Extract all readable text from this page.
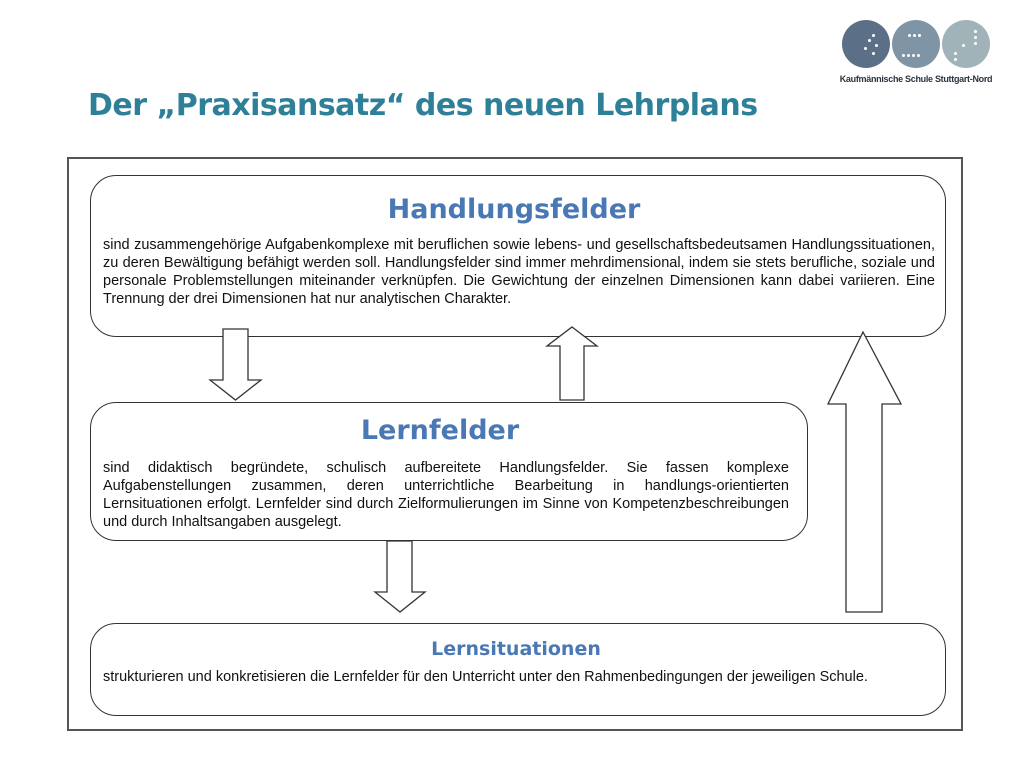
Der „Praxisansatz“ des neuen Lehrplans
Kaufmännische Schule Stuttgart-Nord
Handlungsfelder
sind zusammengehörige Aufgabenkomplexe mit beruflichen sowie lebens- und gesellschaftsbedeutsamen Handlungssituationen, zu deren Bewältigung befähigt werden soll. Handlungsfelder sind immer mehrdimensional, indem sie stets berufliche, soziale und personale Problemstellungen miteinander verknüpfen. Die Gewichtung der einzelnen Dimensionen kann dabei variieren. Eine Trennung der drei Dimensionen hat nur analytischen Charakter.
Lernfelder
sind didaktisch begründete, schulisch aufbereitete Handlungsfelder. Sie fassen komplexe Aufgabenstellungen zusammen, deren unterrichtliche Bearbeitung in handlungs-orientierten Lernsituationen erfolgt. Lernfelder sind durch Zielformulierungen im Sinne von Kompetenzbeschreibungen und durch Inhaltsangaben ausgelegt.
Lernsituationen
strukturieren und konkretisieren die Lernfelder für den Unterricht unter den Rahmenbedingungen der jeweiligen Schule.
